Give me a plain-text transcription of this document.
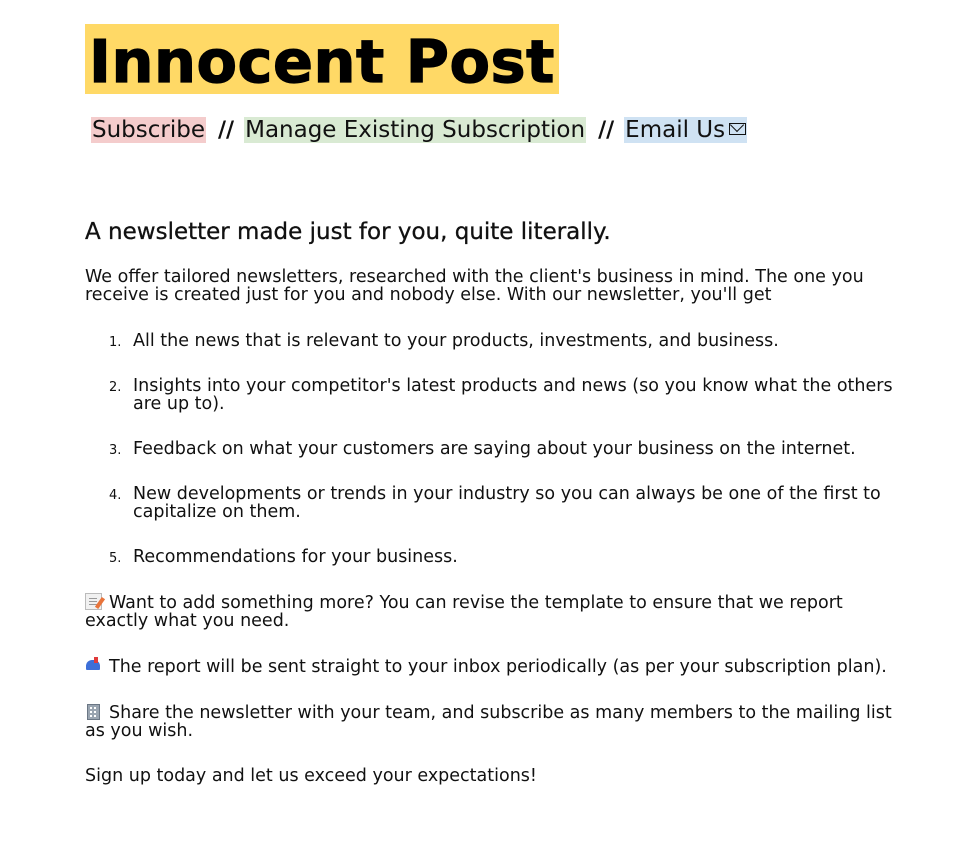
Innocent Post
Subscribe // Manage Existing Subscription // Email Us
A newsletter made just for you, quite literally.

We offer tailored newsletters, researched with the client's business in mind. The one you receive is created just for you and nobody else. With our newsletter, you'll get

1. All the news that is relevant to your products, investments, and business.
2. Insights into your competitor's latest products and news (so you know what the others are up to).
3. Feedback on what your customers are saying about your business on the internet.
4. New developments or trends in your industry so you can always be one of the first to capitalize on them.
5. Recommendations for your business.

Want to add something more? You can revise the template to ensure that we report exactly what you need.

The report will be sent straight to your inbox periodically (as per your subscription plan).

Share the newsletter with your team, and subscribe as many members to the mailing list as you wish.

Sign up today and let us exceed your expectations!
